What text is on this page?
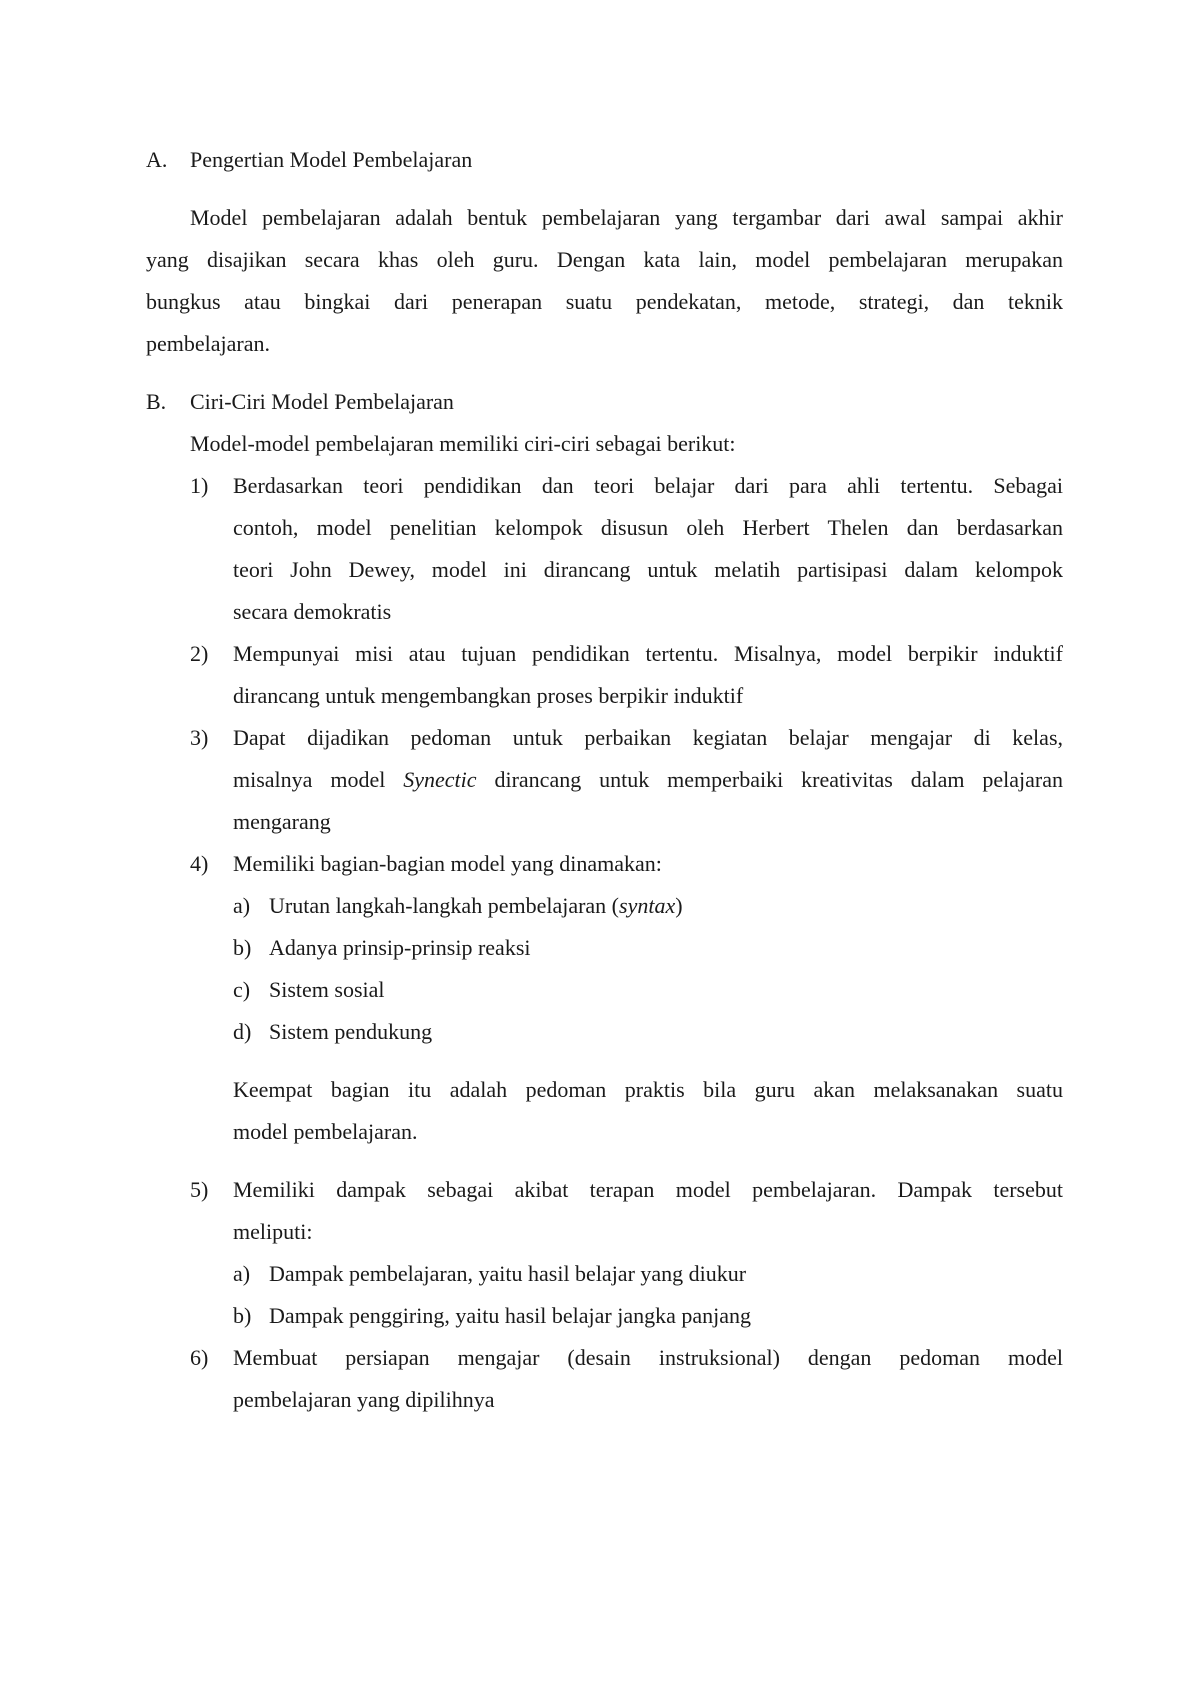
A. Pengertian Model Pembelajaran
Model pembelajaran adalah bentuk pembelajaran yang tergambar dari awal sampai akhir
yang disajikan secara khas oleh guru. Dengan kata lain, model pembelajaran merupakan
bungkus atau bingkai dari penerapan suatu pendekatan, metode, strategi, dan teknik
pembelajaran.
B. Ciri-Ciri Model Pembelajaran
Model-model pembelajaran memiliki ciri-ciri sebagai berikut:
1) Berdasarkan teori pendidikan dan teori belajar dari para ahli tertentu. Sebagai
contoh, model penelitian kelompok disusun oleh Herbert Thelen dan berdasarkan
teori John Dewey, model ini dirancang untuk melatih partisipasi dalam kelompok
secara demokratis
2) Mempunyai misi atau tujuan pendidikan tertentu. Misalnya, model berpikir induktif
dirancang untuk mengembangkan proses berpikir induktif
3) Dapat dijadikan pedoman untuk perbaikan kegiatan belajar mengajar di kelas,
misalnya model Synectic dirancang untuk memperbaiki kreativitas dalam pelajaran
mengarang
4) Memiliki bagian-bagian model yang dinamakan:
a) Urutan langkah-langkah pembelajaran (syntax)
b) Adanya prinsip-prinsip reaksi
c) Sistem sosial
d) Sistem pendukung
Keempat bagian itu adalah pedoman praktis bila guru akan melaksanakan suatu
model pembelajaran.
5) Memiliki dampak sebagai akibat terapan model pembelajaran. Dampak tersebut
meliputi:
a) Dampak pembelajaran, yaitu hasil belajar yang diukur
b) Dampak penggiring, yaitu hasil belajar jangka panjang
6) Membuat persiapan mengajar (desain instruksional) dengan pedoman model
pembelajaran yang dipilihnya
